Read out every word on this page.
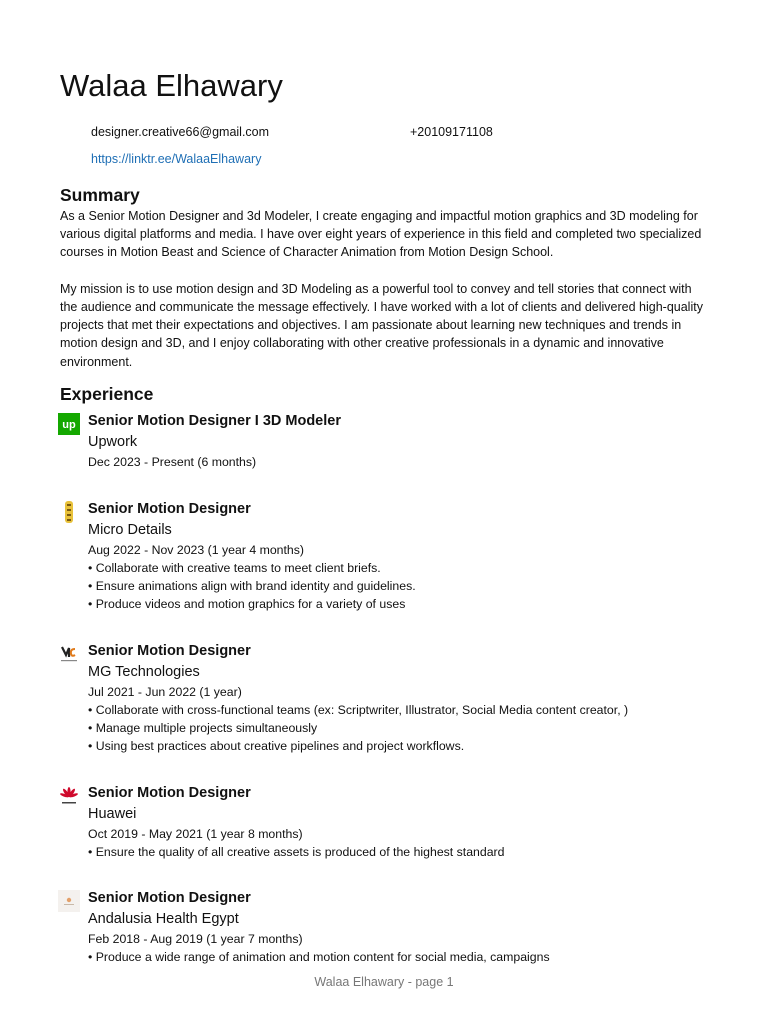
Walaa Elhawary
designer.creative66@gmail.com	+20109171108
https://linktr.ee/WalaaElhawary
Summary

As a Senior Motion Designer and 3d Modeler, I create engaging and impactful motion graphics and 3D modeling for various digital platforms and media. I have over eight years of experience in this field and completed two specialized courses in Motion Beast and Science of Character Animation from Motion Design School.

My mission is to use motion design and 3D Modeling as a powerful tool to convey and tell stories that connect with the audience and communicate the message effectively. I have worked with a lot of clients and delivered high-quality projects that met their expectations and objectives. I am passionate about learning new techniques and trends in motion design and 3D, and I enjoy collaborating with other creative professionals in a dynamic and innovative environment.

Experience
up Senior Motion Designer I 3D Modeler
Upwork
Dec 2023 - Present (6 months)
Senior Motion Designer
Micro Details
Aug 2022 - Nov 2023 (1 year 4 months)
• Collaborate with creative teams to meet client briefs.
• Ensure animations align with brand identity and guidelines.
• Produce videos and motion graphics for a variety of uses
Senior Motion Designer
MG Technologies
Jul 2021 - Jun 2022 (1 year)
• Collaborate with cross-functional teams (ex: Scriptwriter, Illustrator, Social Media content creator, )
• Manage multiple projects simultaneously
• Using best practices about creative pipelines and project workflows.
Senior Motion Designer
Huawei
Oct 2019 - May 2021 (1 year 8 months)
• Ensure the quality of all creative assets is produced of the highest standard
Senior Motion Designer
Andalusia Health Egypt
Feb 2018 - Aug 2019 (1 year 7 months)
• Produce a wide range of animation and motion content for social media, campaigns
Walaa Elhawary - page 1
